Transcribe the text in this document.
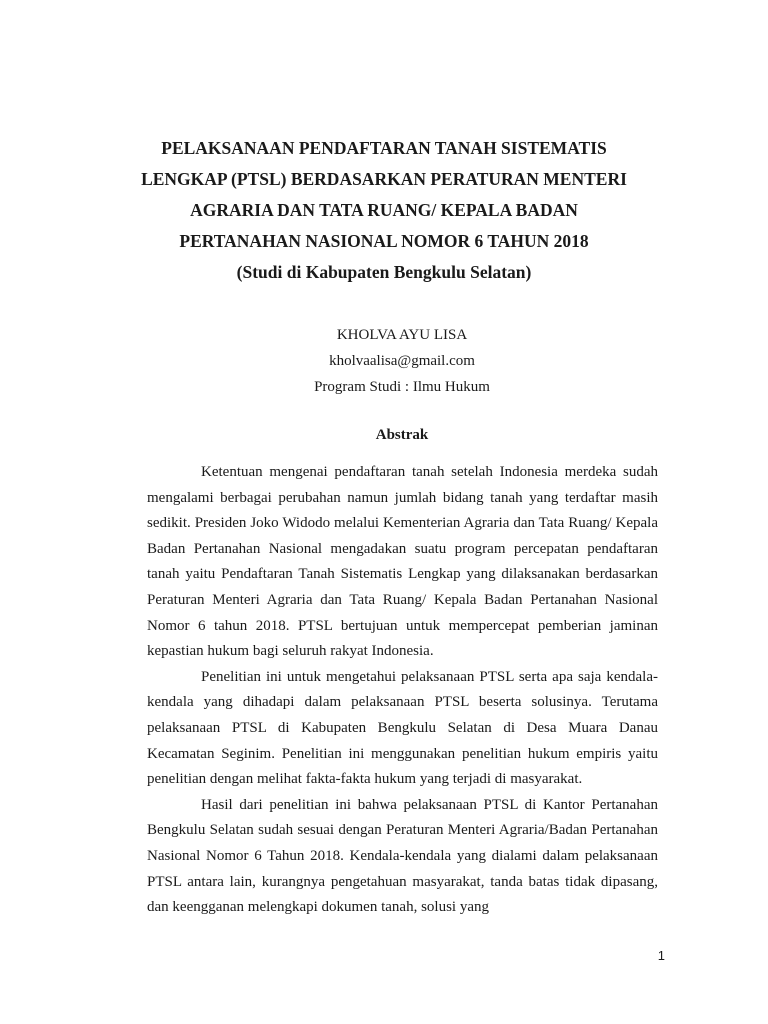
PELAKSANAAN PENDAFTARAN TANAH SISTEMATIS
LENGKAP (PTSL) BERDASARKAN PERATURAN MENTERI
AGRARIA DAN TATA RUANG/ KEPALA BADAN
PERTANAHAN NASIONAL NOMOR 6 TAHUN 2018
(Studi di Kabupaten Bengkulu Selatan)
KHOLVA AYU LISA
kholvaalisa@gmail.com
Program Studi : Ilmu Hukum
Abstrak

Ketentuan mengenai pendaftaran tanah setelah Indonesia merdeka sudah mengalami berbagai perubahan namun jumlah bidang tanah yang terdaftar masih sedikit. Presiden Joko Widodo melalui Kementerian Agraria dan Tata Ruang/ Kepala Badan Pertanahan Nasional mengadakan suatu program percepatan pendaftaran tanah yaitu Pendaftaran Tanah Sistematis Lengkap yang dilaksanakan berdasarkan Peraturan Menteri Agraria dan Tata Ruang/ Kepala Badan Pertanahan Nasional Nomor 6 tahun 2018. PTSL bertujuan untuk mempercepat pemberian jaminan kepastian hukum bagi seluruh rakyat Indonesia.

Penelitian ini untuk mengetahui pelaksanaan PTSL serta apa saja kendala-kendala yang dihadapi dalam pelaksanaan PTSL beserta solusinya. Terutama pelaksanaan PTSL di Kabupaten Bengkulu Selatan di Desa Muara Danau Kecamatan Seginim. Penelitian ini menggunakan penelitian hukum empiris yaitu penelitian dengan melihat fakta-fakta hukum yang terjadi di masyarakat.

Hasil dari penelitian ini bahwa pelaksanaan PTSL di Kantor Pertanahan Bengkulu Selatan sudah sesuai dengan Peraturan Menteri Agraria/Badan Pertanahan Nasional Nomor 6 Tahun 2018. Kendala-kendala yang dialami dalam pelaksanaan PTSL antara lain, kurangnya pengetahuan masyarakat, tanda batas tidak dipasang, dan keengganan melengkapi dokumen tanah, solusi yang

1
